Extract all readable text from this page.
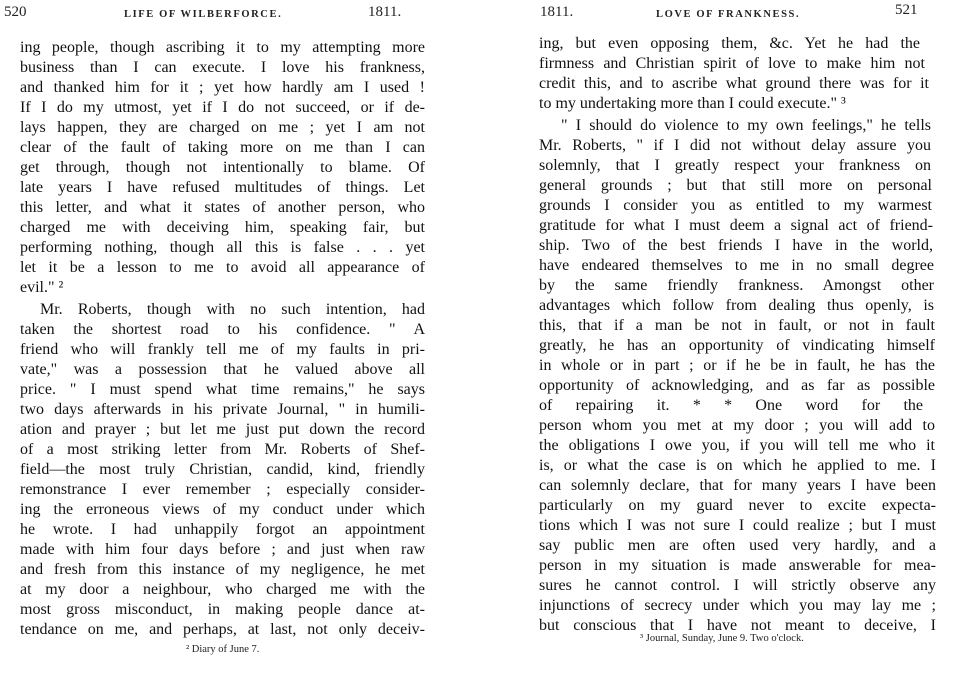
520	LIFE OF WILBERFORCE.	1811.
ing people, though ascribing it to my attempting more
business than I can execute. I love his frankness,
and thanked him for it ; yet how hardly am I used !
If I do my utmost, yet if I do not succeed, or if de-
lays happen, they are charged on me ; yet I am not
clear of the fault of taking more on me than I can
get through, though not intentionally to blame. Of
late years I have refused multitudes of things. Let
this letter, and what it states of another person, who
charged me with deceiving him, speaking fair, but
performing nothing, though all this is false . . . yet
let it be a lesson to me to avoid all appearance of
evil." ²
Mr. Roberts, though with no such intention, had
taken the shortest road to his confidence. " A
friend who will frankly tell me of my faults in pri-
vate," was a possession that he valued above all
price. " I must spend what time remains," he says
two days afterwards in his private Journal, " in humili-
ation and prayer ; but let me just put down the record
of a most striking letter from Mr. Roberts of Shef-
field—the most truly Christian, candid, kind, friendly
remonstrance I ever remember ; especially consider-
ing the erroneous views of my conduct under which
he wrote. I had unhappily forgot an appointment
made with him four days before ; and just when raw
and fresh from this instance of my negligence, he met
at my door a neighbour, who charged me with the
most gross misconduct, in making people dance at-
tendance on me, and perhaps, at last, not only deceiv-
² Diary of June 7.
1811.	LOVE OF FRANKNESS.	521
ing, but even opposing them, &c. Yet he had the
firmness and Christian spirit of love to make him not
credit this, and to ascribe what ground there was for it
to my undertaking more than I could execute." ³
" I should do violence to my own feelings," he tells
Mr. Roberts, " if I did not without delay assure you
solemnly, that I greatly respect your frankness on
general grounds ; but that still more on personal
grounds I consider you as entitled to my warmest
gratitude for what I must deem a signal act of friend-
ship. Two of the best friends I have in the world,
have endeared themselves to me in no small degree
by the same friendly frankness. Amongst other
advantages which follow from dealing thus openly, is
this, that if a man be not in fault, or not in fault
greatly, he has an opportunity of vindicating himself
in whole or in part ; or if he be in fault, he has the
opportunity of acknowledging, and as far as possible
of repairing it. * * One word for the
person whom you met at my door ; you will add to
the obligations I owe you, if you will tell me who it
is, or what the case is on which he applied to me. I
can solemnly declare, that for many years I have been
particularly on my guard never to excite expecta-
tions which I was not sure I could realize ; but I must
say public men are often used very hardly, and a
person in my situation is made answerable for mea-
sures he cannot control. I will strictly observe any
injunctions of secrecy under which you may lay me ;
but conscious that I have not meant to deceive, I
³ Journal, Sunday, June 9. Two o'clock.
